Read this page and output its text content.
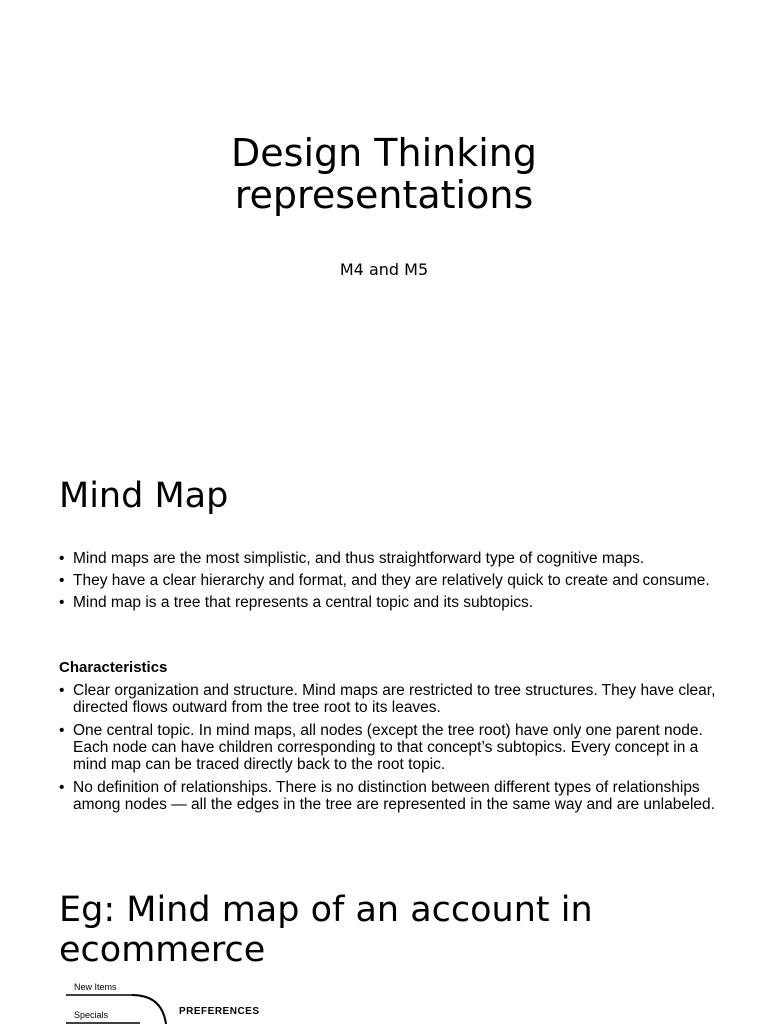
Design Thinking
representations
M4 and M5
Mind Map
• Mind maps are the most simplistic, and thus straightforward type of cognitive maps.
• They have a clear hierarchy and format, and they are relatively quick to create and consume.
• Mind map is a tree that represents a central topic and its subtopics.
Characteristics
• Clear organization and structure. Mind maps are restricted to tree structures. They have clear, directed flows outward from the tree root to its leaves.
• One central topic. In mind maps, all nodes (except the tree root) have only one parent node. Each node can have children corresponding to that concept’s subtopics. Every concept in a mind map can be traced directly back to the root topic.
• No definition of relationships. There is no distinction between different types of relationships among nodes — all the edges in the tree are represented in the same way and are unlabeled.
Eg: Mind map of an account in ecommerce
New Items
Specials	PREFERENCES
